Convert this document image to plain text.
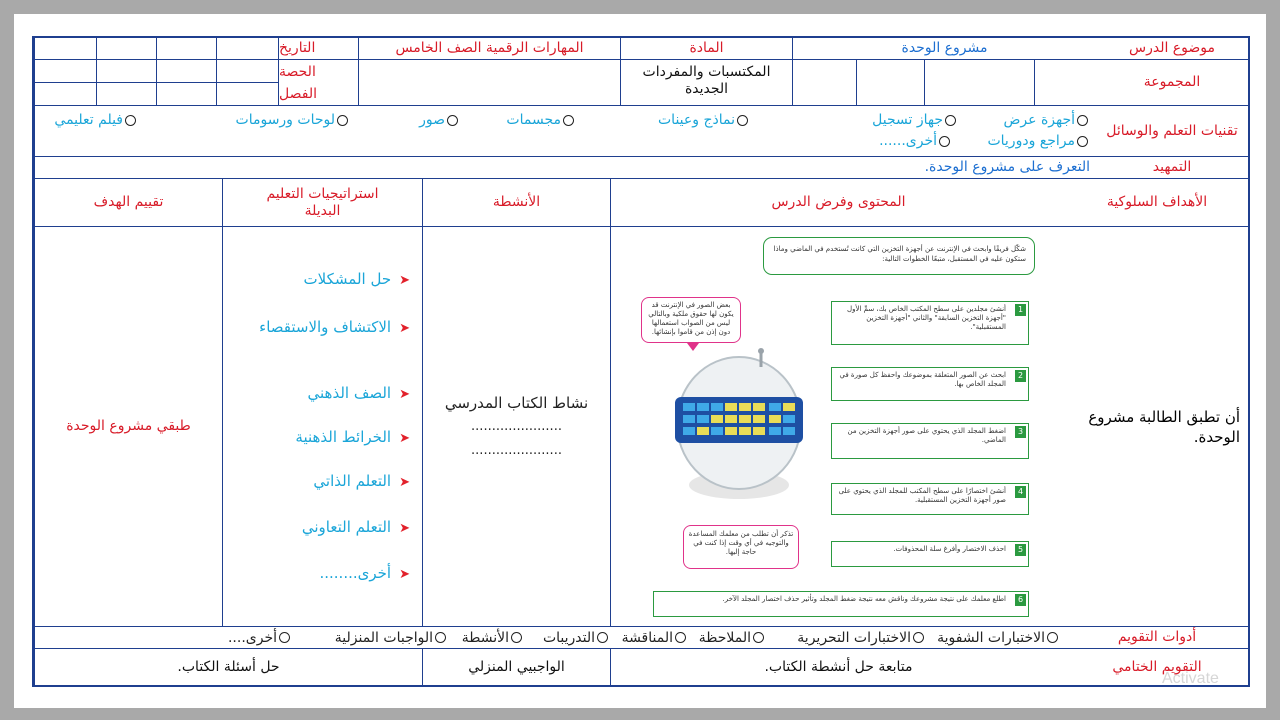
موضوع الدرس
مشروع الوحدة
المادة
المهارات الرقمية الصف الخامس
التاريخ
المجموعة
المكتسبات والمفردات الجديدة
الحصة
الفصل
تقنيات التعلم والوسائل
أجهزة عرض
جهاز تسجيل
نماذج وعينات
مجسمات
صور
لوحات ورسومات
فيلم تعليمي
مراجع ودوريات
أخرى......
التمهيد
التعرف على مشروع الوحدة.
الأهداف السلوكية
المحتوى وفرض الدرس
الأنشطة
استراتيجيات التعليم البديلة
تقييم الهدف
أن تطبق الطالبة مشروع الوحدة.
شكّل فريقًا وابحث في الإنترنت عن أجهزة التخزين التي كانت تُستخدم في الماضي وماذا ستكون عليه في المستقبل، متبعًا الخطوات التالية:
بعض الصور في الإنترنت قد يكون لها حقوق ملكية وبالتالي ليس من الصواب استعمالها دون إذن من قاموا بإنشائها.
تذكر أن تطلب من معلمك المساعدة والتوجيه في أي وقت إذا كنت في حاجة إليها.
1
أنشئ مجلدين على سطح المكتب الخاص بك، سمِّ الأول "أجهزة التخزين السابقة" والثاني "أجهزة التخزين المستقبلية".
2
ابحث عن الصور المتعلقة بموضوعك واحفظ كل صورة في المجلد الخاص بها.
3
اضغط المجلد الذي يحتوي على صور أجهزة التخزين من الماضي.
4
أنشئ اختصارًا على سطح المكتب للمجلد الذي يحتوي على صور أجهزة التخزين المستقبلية.
5
احذف الاختصار وأفرغ سلة المحذوفات.
6
اطلع معلمك على نتيجة مشروعك وناقش معه نتيجة ضغط المجلد وتأثير حذف اختصار المجلد الآخر.
نشاط الكتاب المدرسي
......................
......................
➤حل المشكلات
➤الاكتشاف والاستقصاء
➤الصف الذهني
➤الخرائط الذهنية
➤التعلم الذاتي
➤التعلم التعاوني
➤أخرى........
طبقي مشروع الوحدة
أدوات التقويم
الاختبارات الشفوية
الاختبارات التحريرية
الملاحظة
المناقشة
التدريبات
الأنشطة
الواجبات المنزلية
أخرى....
التقويم الختامي
متابعة حل أنشطة الكتاب.
الواجبيي المنزلي
حل أسئلة الكتاب.
Activate
